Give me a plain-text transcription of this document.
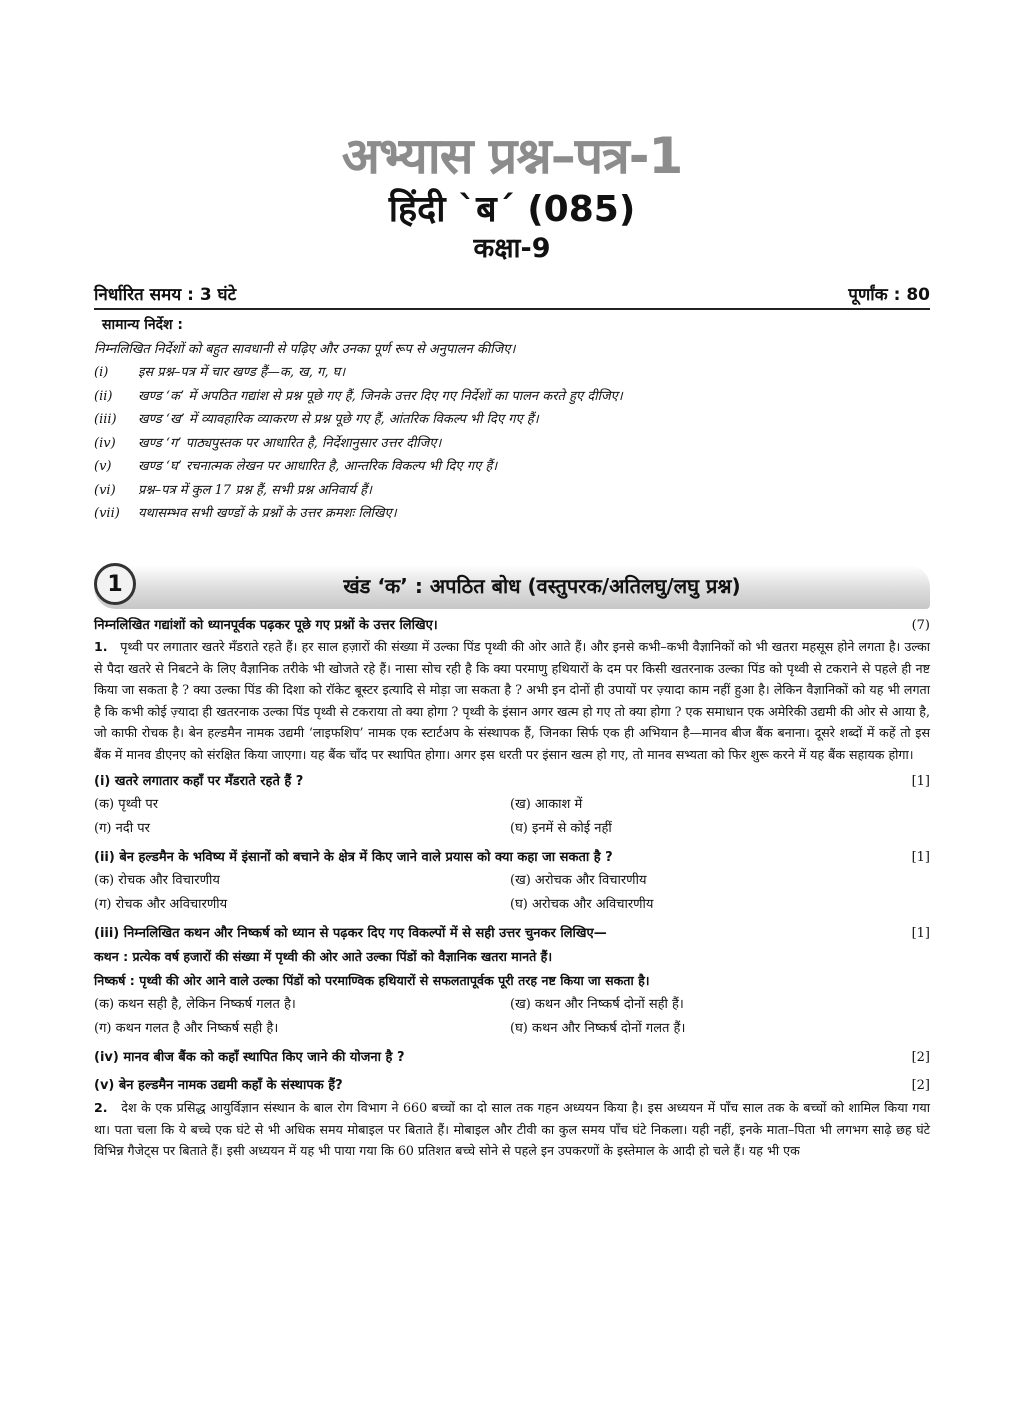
अभ्यास प्रश्न–पत्र-1
हिंदी `ब´ (085)
कक्षा-9
निर्धारित समय : 3 घंटे	पूर्णांक : 80
सामान्य निर्देश :
निम्नलिखित निर्देशों को बहुत सावधानी से पढ़िए और उनका पूर्ण रूप से अनुपालन कीजिए।
(i)	इस प्रश्न–पत्र में चार खण्ड हैं—क, ख, ग, घ।
(ii)	खण्ड ‘क’ में अपठित गद्यांश से प्रश्न पूछे गए हैं, जिनके उत्तर दिए गए निर्देशों का पालन करते हुए दीजिए।
(iii)	खण्ड ‘ख’ में व्यावहारिक व्याकरण से प्रश्न पूछे गए हैं, आंतरिक विकल्प भी दिए गए हैं।
(iv)	खण्ड ‘ग’ पाठ्यपुस्तक पर आधारित है, निर्देशानुसार उत्तर दीजिए।
(v)	खण्ड ‘घ’ रचनात्मक लेखन पर आधारित है, आन्तरिक विकल्प भी दिए गए हैं।
(vi)	प्रश्न–पत्र में कुल 17 प्रश्न हैं, सभी प्रश्न अनिवार्य हैं।
(vii)	यथासम्भव सभी खण्डों के प्रश्नों के उत्तर क्रमशः लिखिए।
1	खंड ‘क’ : अपठित बोध (वस्तुपरक/अतिलघु/लघु प्रश्न)
निम्नलिखित गद्यांशों को ध्यानपूर्वक पढ़कर पूछे गए प्रश्नों के उत्तर लिखिए।	(7)

1. पृथ्वी पर लगातार खतरे मँडराते रहते हैं। हर साल हज़ारों की संख्या में उल्का पिंड पृथ्वी की ओर आते हैं। और इनसे कभी–कभी वैज्ञानिकों को भी खतरा महसूस होने लगता है। उल्का से पैदा खतरे से निबटने के लिए वैज्ञानिक तरीके भी खोजते रहे हैं। नासा सोच रही है कि क्या परमाणु हथियारों के दम पर किसी खतरनाक उल्का पिंड को पृथ्वी से टकराने से पहले ही नष्ट किया जा सकता है ? क्या उल्का पिंड की दिशा को रॉकेट बूस्टर इत्यादि से मोड़ा जा सकता है ? अभी इन दोनों ही उपायों पर ज़्यादा काम नहीं हुआ है। लेकिन वैज्ञानिकों को यह भी लगता है कि कभी कोई ज़्यादा ही खतरनाक उल्का पिंड पृथ्वी से टकराया तो क्या होगा ? पृथ्वी के इंसान अगर खत्म हो गए तो क्या होगा ? एक समाधान एक अमेरिकी उद्यमी की ओर से आया है, जो काफी रोचक है। बेन हल्डमैन नामक उद्यमी ‘लाइफशिप’ नामक एक स्टार्टअप के संस्थापक हैं, जिनका सिर्फ एक ही अभियान है—मानव बीज बैंक बनाना। दूसरे शब्दों में कहें तो इस बैंक में मानव डीएनए को संरक्षित किया जाएगा। यह बैंक चाँद पर स्थापित होगा। अगर इस धरती पर इंसान खत्म हो गए, तो मानव सभ्यता को फिर शुरू करने में यह बैंक सहायक होगा।

(i) खतरे लगातार कहाँ पर मँडराते रहते हैं ?	[1]
(क) पृथ्वी पर	(ख) आकाश में
(ग) नदी पर	(घ) इनमें से कोई नहीं
(ii) बेन हल्डमैन के भविष्य में इंसानों को बचाने के क्षेत्र में किए जाने वाले प्रयास को क्या कहा जा सकता है ?	[1]
(क) रोचक और विचारणीय	(ख) अरोचक और विचारणीय
(ग) रोचक और अविचारणीय	(घ) अरोचक और अविचारणीय
(iii) निम्नलिखित कथन और निष्कर्ष को ध्यान से पढ़कर दिए गए विकल्पों में से सही उत्तर चुनकर लिखिए—	[1]
कथन : प्रत्येक वर्ष हजारों की संख्या में पृथ्वी की ओर आते उल्का पिंडों को वैज्ञानिक खतरा मानते हैं।
निष्कर्ष : पृथ्वी की ओर आने वाले उल्का पिंडों को परमाण्विक हथियारों से सफलतापूर्वक पूरी तरह नष्ट किया जा सकता है।
(क) कथन सही है, लेकिन निष्कर्ष गलत है।	(ख) कथन और निष्कर्ष दोनों सही हैं।
(ग) कथन गलत है और निष्कर्ष सही है।	(घ) कथन और निष्कर्ष दोनों गलत हैं।
(iv) मानव बीज बैंक को कहाँ स्थापित किए जाने की योजना है ?	[2]
(v) बेन हल्डमैन नामक उद्यमी कहाँ के संस्थापक हैं?	[2]

2. देश के एक प्रसिद्ध आयुर्विज्ञान संस्थान के बाल रोग विभाग ने 660 बच्चों का दो साल तक गहन अध्ययन किया है। इस अध्ययन में पाँच साल तक के बच्चों को शामिल किया गया था। पता चला कि ये बच्चे एक घंटे से भी अधिक समय मोबाइल पर बिताते हैं। मोबाइल और टीवी का कुल समय पाँच घंटे निकला। यही नहीं, इनके माता–पिता भी लगभग साढ़े छह घंटे विभिन्न गैजेट्स पर बिताते हैं। इसी अध्ययन में यह भी पाया गया कि 60 प्रतिशत बच्चे सोने से पहले इन उपकरणों के इस्तेमाल के आदी हो चले हैं। यह भी एक
